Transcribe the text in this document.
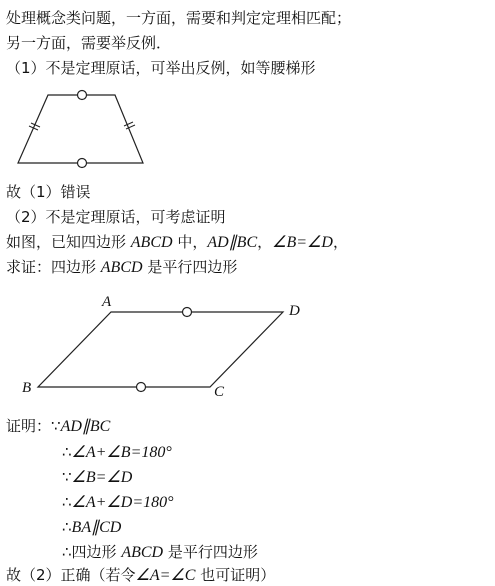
处理概念类问题，一方面，需要和判定定理相匹配；
另一方面，需要举反例．
（1）不是定理原话，可举出反例，如等腰梯形
故（1）错误
（2）不是定理原话，可考虑证明
如图，已知四边形 ABCD 中，AD∥BC，∠B=∠D，
求证：四边形 ABCD 是平行四边形
A
D
B	C
证明：∵AD∥BC
∴∠A+∠B=180°
∵∠B=∠D
∴∠A+∠D=180°
∴BA∥CD
∴四边形 ABCD 是平行四边形
故（2）正确（若令∠A=∠C 也可证明）
